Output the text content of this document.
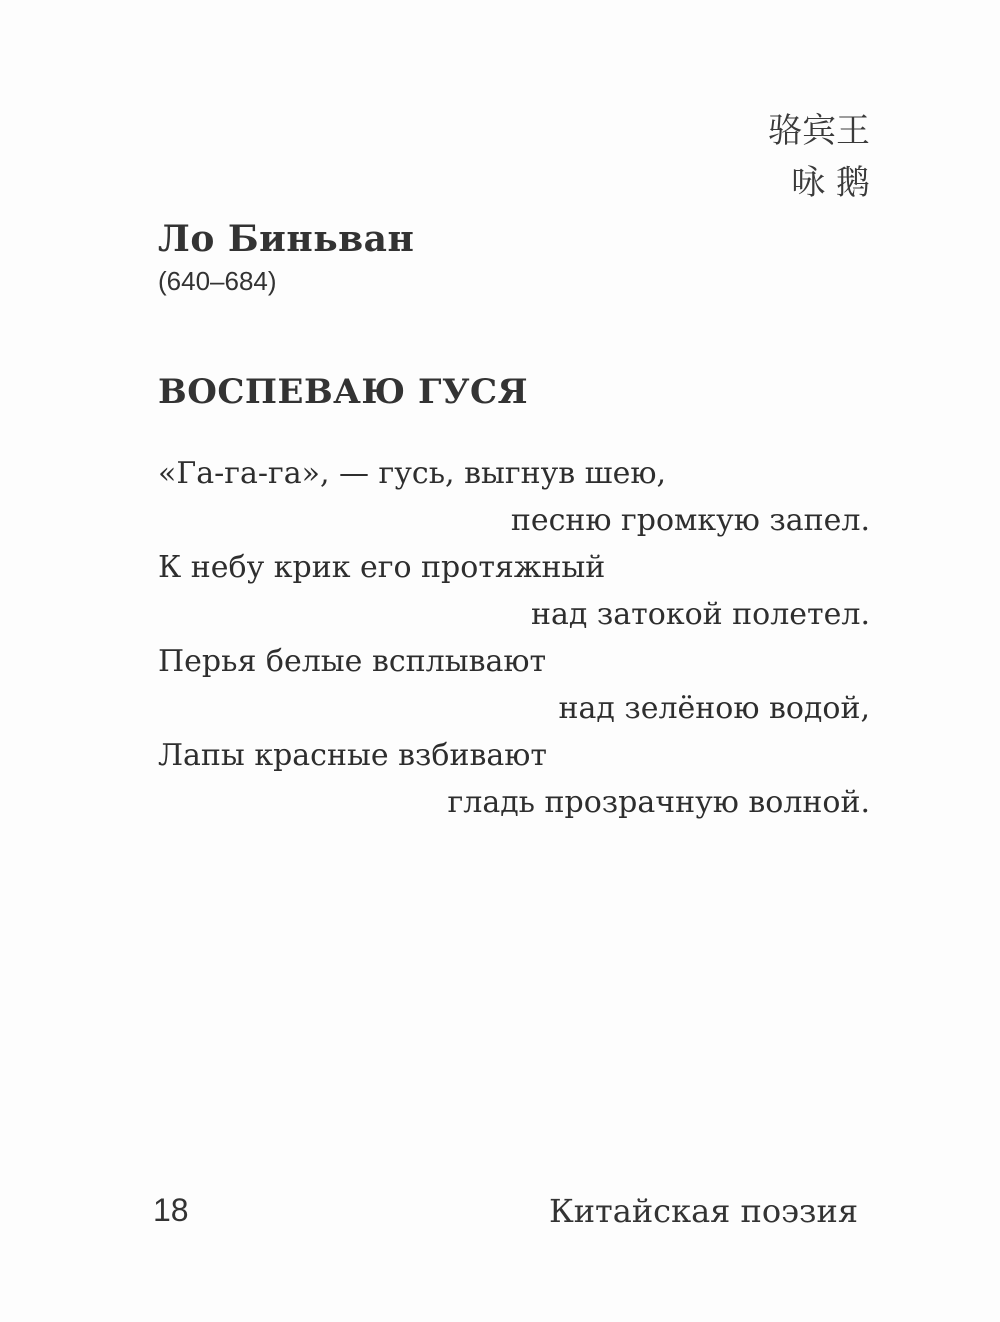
骆宾王
咏 鹅
Ло Биньван
(640–684)
ВОСПЕВАЮ ГУСЯ
«Га-га-га», — гусь, выгнув шею,
песню громкую запел.
К небу крик его протяжный
над затокой полетел.
Перья белые всплывают
над зелёною водой,
Лапы красные взбивают
гладь прозрачную волной.
18	Китайская поэзия
